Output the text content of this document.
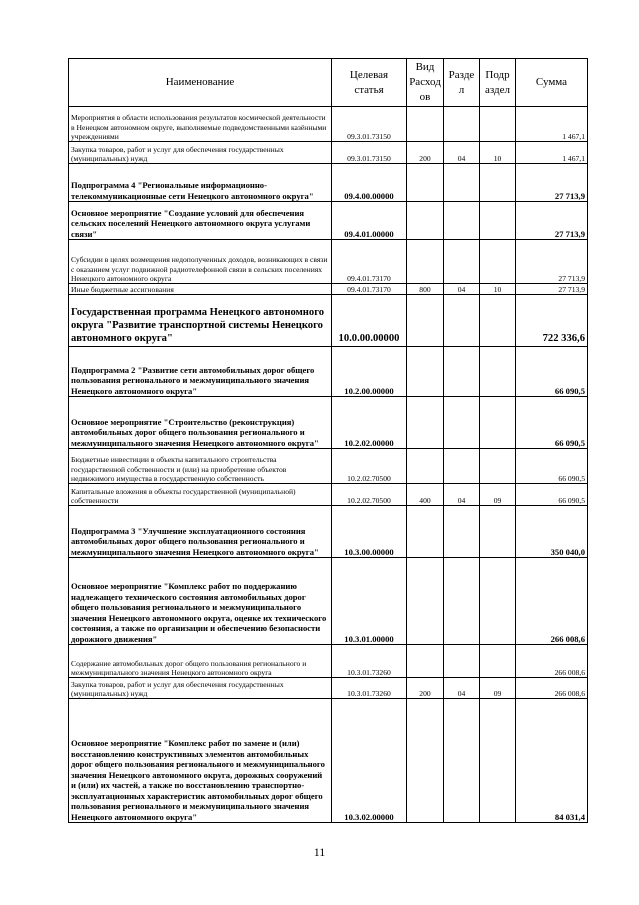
Наименование	Целевая статья	Вид Расход ов	Разде л	Подр аздел	Сумма
Мероприятия в области использования результатов космической деятельности в Ненецком автономном округе, выполняемые подведомственными казёнными учреждениями	09.3.01.73150				1 467,1
Закупка товаров, работ и услуг для обеспечения государственных (муниципальных) нужд	09.3.01.73150	200	04	10	1 467,1
Подпрограмма 4 "Региональные информационно-телекоммуникационные сети Ненецкого автономного округа"	09.4.00.00000				27 713,9
Основное мероприятие "Создание условий для обеспечения сельских поселений Ненецкого автономного округа услугами связи"	09.4.01.00000				27 713,9
Субсидии в целях возмещения недополученных доходов, возникающих в связи с оказанием услуг подвижной радиотелефонной связи в сельских поселениях Ненецкого автономного округа	09.4.01.73170				27 713,9
Иные бюджетные ассигнования	09.4.01.73170	800	04	10	27 713,9
Государственная программа Ненецкого автономного округа "Развитие транспортной системы Ненецкого автономного округа"	10.0.00.00000				722 336,6
Подпрограмма 2 "Развитие сети автомобильных дорог общего пользования регионального и межмуниципального значения Ненецкого автономного округа"	10.2.00.00000				66 090,5
Основное мероприятие "Строительство (реконструкция) автомобильных дорог общего пользования регионального и межмуниципального значения Ненецкого автономного округа"	10.2.02.00000				66 090,5
Бюджетные инвестиции в объекты капитального строительства государственной собственности и (или) на приобретение объектов недвижимого имущества в государственную собственность	10.2.02.70500				66 090,5
Капитальные вложения в объекты государственной (муниципальной) собственности	10.2.02.70500	400	04	09	66 090,5
Подпрограмма 3 "Улучшение эксплуатационного состояния автомобильных дорог общего пользования регионального и межмуниципального значения Ненецкого автономного округа"	10.3.00.00000				350 040,0
Основное мероприятие "Комплекс работ по поддержанию надлежащего технического состояния автомобильных дорог общего пользования регионального и межмуниципального значения Ненецкого автономного округа, оценке их технического состояния, а также по организации и обеспечению безопасности дорожного движения"	10.3.01.00000				266 008,6
Содержание автомобильных дорог общего пользования регионального и межмуниципального значения Ненецкого автономного округа	10.3.01.73260				266 008,6
Закупка товаров, работ и услуг для обеспечения государственных (муниципальных) нужд	10.3.01.73260	200	04	09	266 008,6
Основное мероприятие "Комплекс работ по замене и (или) восстановлению конструктивных элементов автомобильных дорог общего пользования регионального и межмуниципального значения Ненецкого автономного округа, дорожных сооружений и (или) их частей, а также по восстановлению транспортно-эксплуатационных характеристик автомобильных дорог общего пользования регионального и межмуниципального значения Ненецкого автономного округа"	10.3.02.00000				84 031,4
11
